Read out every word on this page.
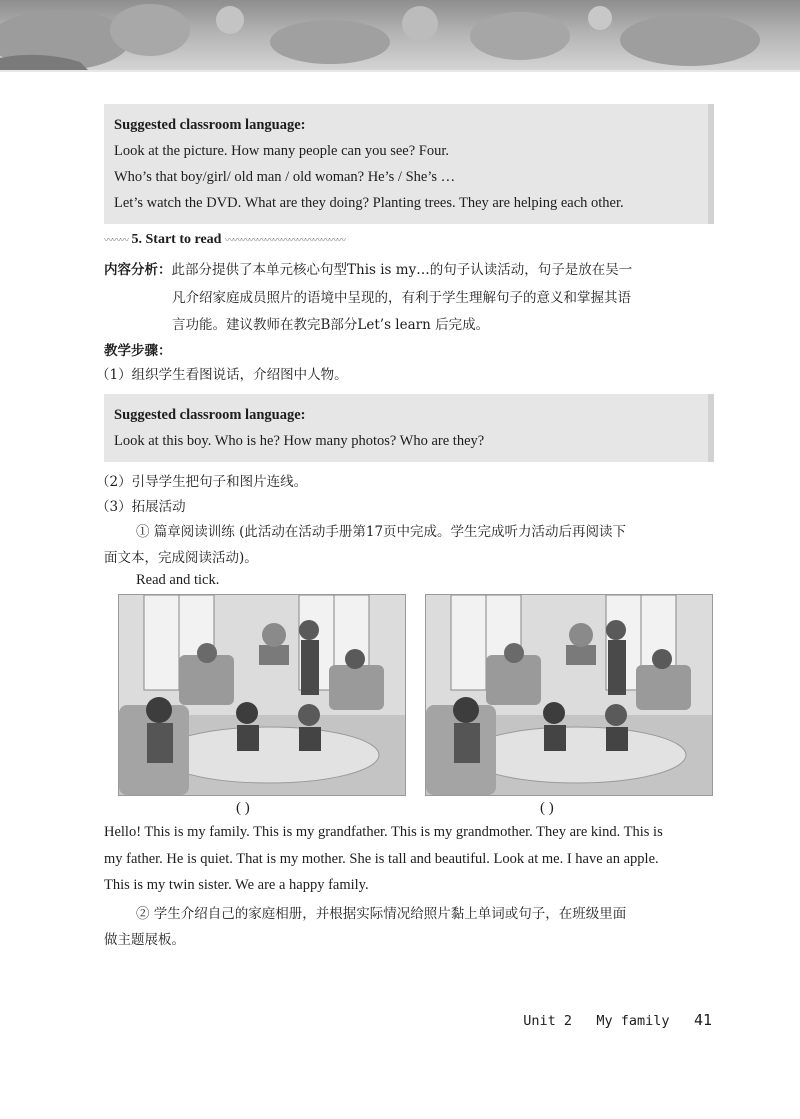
Suggested classroom language:
Look at the picture. How many people can you see? Four.
Who’s that boy/girl/ old man / old woman? He’s / She’s …
Let’s watch the DVD. What are they doing? Planting trees. They are helping each other.
〰〰〰 5. Start to read 〰〰〰〰〰〰〰〰〰〰〰〰〰〰〰
内容分析：此部分提供了本单元核心句型This is my…的句子认读活动，句子是放在吴一
凡介绍家庭成员照片的语境中呈现的，有利于学生理解句子的意义和掌握其语
言功能。建议教师在教完B部分Let’s learn 后完成。
教学步骤：
（1）组织学生看图说话，介绍图中人物。
Suggested classroom language:
Look at this boy. Who is he? How many photos? Who are they?
（2）引导学生把句子和图片连线。
（3）拓展活动
① 篇章阅读训练 (此活动在活动手册第17页中完成。学生完成听力活动后再阅读下
面文本，完成阅读活动)。
Read and tick.
( )	( )
Hello! This is my family. This is my grandfather. This is my grandmother. They are kind. This is
my father. He is quiet. That is my mother. She is tall and beautiful. Look at me. I have an apple.
This is my twin sister. We are a happy family.
② 学生介绍自己的家庭相册，并根据实际情况给照片黏上单词或句子，在班级里面
做主题展板。
Unit 2 My family 41
